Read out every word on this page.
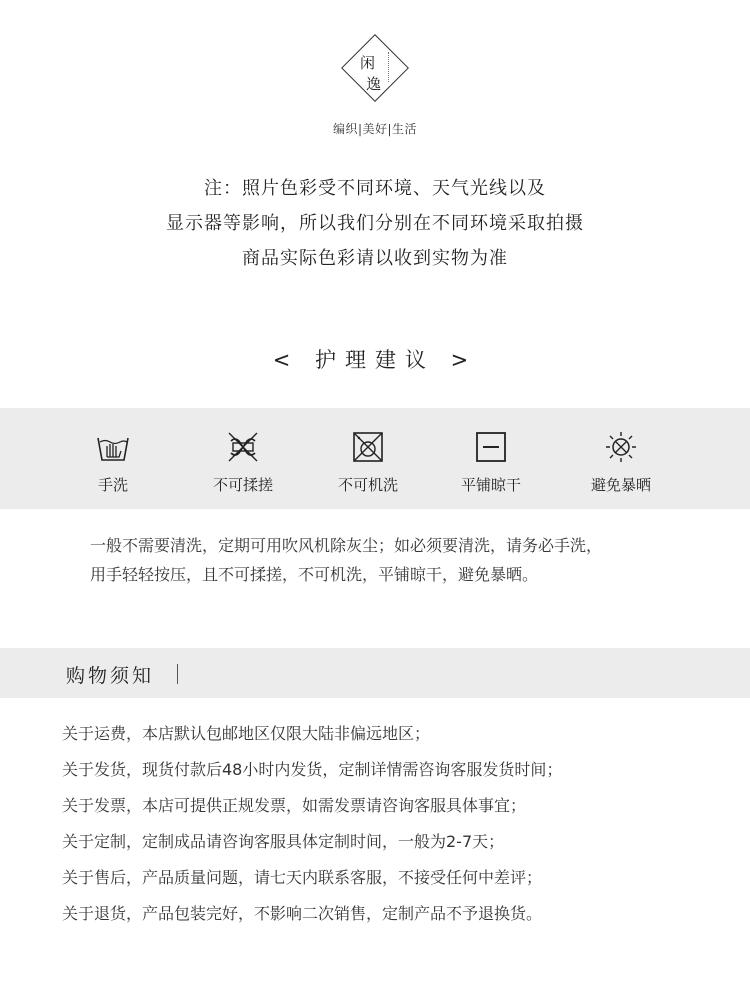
闲
逸
编织|美好|生活
注：照片色彩受不同环境、天气光线以及
显示器等影响，所以我们分别在不同环境采取拍摄
商品实际色彩请以收到实物为准
< 护理建议 >
手洗	不可揉搓	不可机洗	平铺晾干	避免暴晒
一般不需要清洗，定期可用吹风机除灰尘；如必须要清洗，请务必手洗，
用手轻轻按压，且不可揉搓，不可机洗，平铺晾干，避免暴晒。
购物须知
关于运费，本店默认包邮地区仅限大陆非偏远地区；
关于发货，现货付款后48小时内发货，定制详情需咨询客服发货时间；
关于发票，本店可提供正规发票，如需发票请咨询客服具体事宜；
关于定制，定制成品请咨询客服具体定制时间，一般为2-7天；
关于售后，产品质量问题，请七天内联系客服，不接受任何中差评；
关于退货，产品包装完好，不影响二次销售，定制产品不予退换货。
